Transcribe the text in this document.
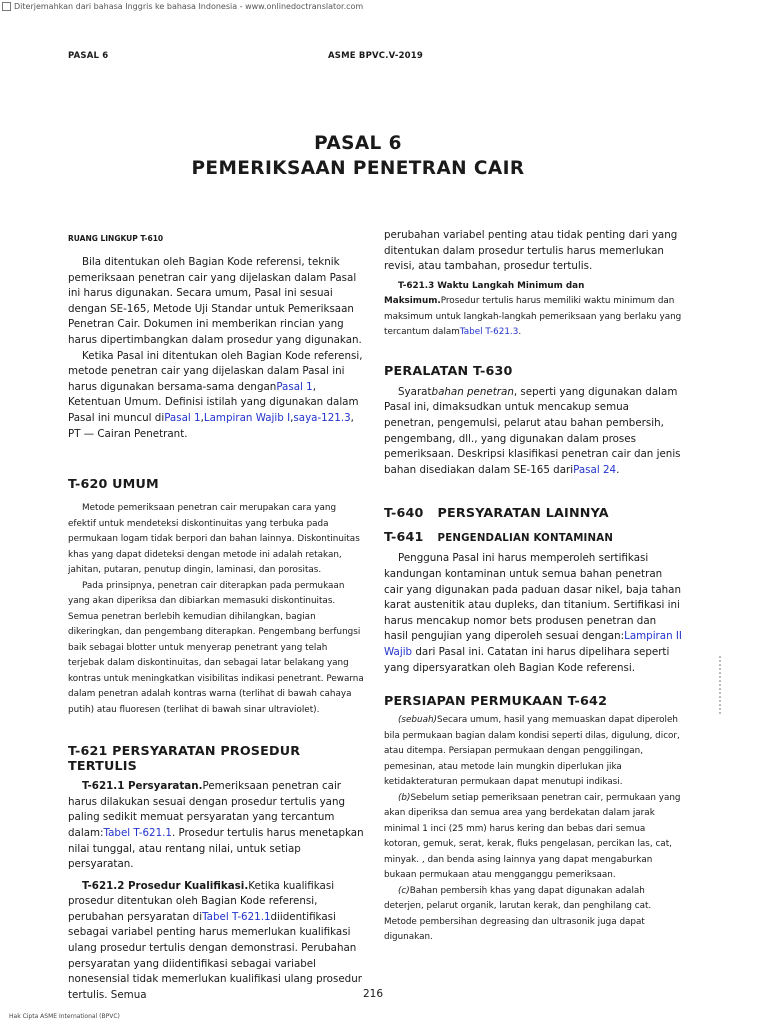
Diterjemahkan dari bahasa Inggris ke bahasa Indonesia - www.onlinedoctranslator.com
PASAL 6	ASME BPVC.V-2019
PASAL 6
PEMERIKSAAN PENETRAN CAIR
RUANG LINGKUP T-610

Bila ditentukan oleh Bagian Kode referensi, teknik pemeriksaan penetran cair yang dijelaskan dalam Pasal ini harus digunakan. Secara umum, Pasal ini sesuai dengan SE-165, Metode Uji Standar untuk Pemeriksaan Penetran Cair. Dokumen ini memberikan rincian yang harus dipertimbangkan dalam prosedur yang digunakan.

Ketika Pasal ini ditentukan oleh Bagian Kode referensi, metode penetran cair yang dijelaskan dalam Pasal ini harus digunakan bersama-sama denganPasal 1, Ketentuan Umum. Definisi istilah yang digunakan dalam Pasal ini muncul diPasal 1,Lampiran Wajib I,saya-121.3, PT — Cairan Penetrant.

T-620 UMUM

Metode pemeriksaan penetran cair merupakan cara yang efektif untuk mendeteksi diskontinuitas yang terbuka pada permukaan logam tidak berpori dan bahan lainnya. Diskontinuitas khas yang dapat dideteksi dengan metode ini adalah retakan, jahitan, putaran, penutup dingin, laminasi, dan porositas.

Pada prinsipnya, penetran cair diterapkan pada permukaan yang akan diperiksa dan dibiarkan memasuki diskontinuitas. Semua penetran berlebih kemudian dihilangkan, bagian dikeringkan, dan pengembang diterapkan. Pengembang berfungsi baik sebagai blotter untuk menyerap penetrant yang telah terjebak dalam diskontinuitas, dan sebagai latar belakang yang kontras untuk meningkatkan visibilitas indikasi penetrant. Pewarna dalam penetran adalah kontras warna (terlihat di bawah cahaya putih) atau fluoresen (terlihat di bawah sinar ultraviolet).

T-621 PERSYARATAN PROSEDUR TERTULIS

T-621.1 Persyaratan.Pemeriksaan penetran cair harus dilakukan sesuai dengan prosedur tertulis yang paling sedikit memuat persyaratan yang tercantum dalam:Tabel T-621.1. Prosedur tertulis harus menetapkan nilai tunggal, atau rentang nilai, untuk setiap persyaratan.

T-621.2 Prosedur Kualifikasi.Ketika kualifikasi prosedur ditentukan oleh Bagian Kode referensi, perubahan persyaratan diTabel T-621.1diidentifikasi sebagai variabel penting harus memerlukan kualifikasi ulang prosedur tertulis dengan demonstrasi. Perubahan persyaratan yang diidentifikasi sebagai variabel nonesensial tidak memerlukan kualifikasi ulang prosedur tertulis. Semua

perubahan variabel penting atau tidak penting dari yang ditentukan dalam prosedur tertulis harus memerlukan revisi, atau tambahan, prosedur tertulis.

T-621.3 Waktu Langkah Minimum dan Maksimum.Prosedur tertulis harus memiliki waktu minimum dan maksimum untuk langkah-langkah pemeriksaan yang berlaku yang tercantum dalamTabel T-621.3.

PERALATAN T-630

Syaratbahan penetran, seperti yang digunakan dalam Pasal ini, dimaksudkan untuk mencakup semua penetran, pengemulsi, pelarut atau bahan pembersih, pengembang, dll., yang digunakan dalam proses pemeriksaan. Deskripsi klasifikasi penetran cair dan jenis bahan disediakan dalam SE-165 dariPasal 24.

T-640 PERSYARATAN LAINNYA
T-641 PENGENDALIAN KONTAMINAN

Pengguna Pasal ini harus memperoleh sertifikasi kandungan kontaminan untuk semua bahan penetran cair yang digunakan pada paduan dasar nikel, baja tahan karat austenitik atau dupleks, dan titanium. Sertifikasi ini harus mencakup nomor bets produsen penetran dan hasil pengujian yang diperoleh sesuai dengan:Lampiran II Wajib dari Pasal ini. Catatan ini harus dipelihara seperti yang dipersyaratkan oleh Bagian Kode referensi.

PERSIAPAN PERMUKAAN T-642

(sebuah)Secara umum, hasil yang memuaskan dapat diperoleh bila permukaan bagian dalam kondisi seperti dilas, digulung, dicor, atau ditempa. Persiapan permukaan dengan penggilingan, pemesinan, atau metode lain mungkin diperlukan jika ketidakteraturan permukaan dapat menutupi indikasi.

(b)Sebelum setiap pemeriksaan penetran cair, permukaan yang akan diperiksa dan semua area yang berdekatan dalam jarak minimal 1 inci (25 mm) harus kering dan bebas dari semua kotoran, gemuk, serat, kerak, fluks pengelasan, percikan las, cat, minyak. , dan benda asing lainnya yang dapat mengaburkan bukaan permukaan atau mengganggu pemeriksaan.

(c)Bahan pembersih khas yang dapat digunakan adalah deterjen, pelarut organik, larutan kerak, dan penghilang cat. Metode pembersihan degreasing dan ultrasonik juga dapat digunakan.

216
Hak Cipta ASME International (BPVC)
